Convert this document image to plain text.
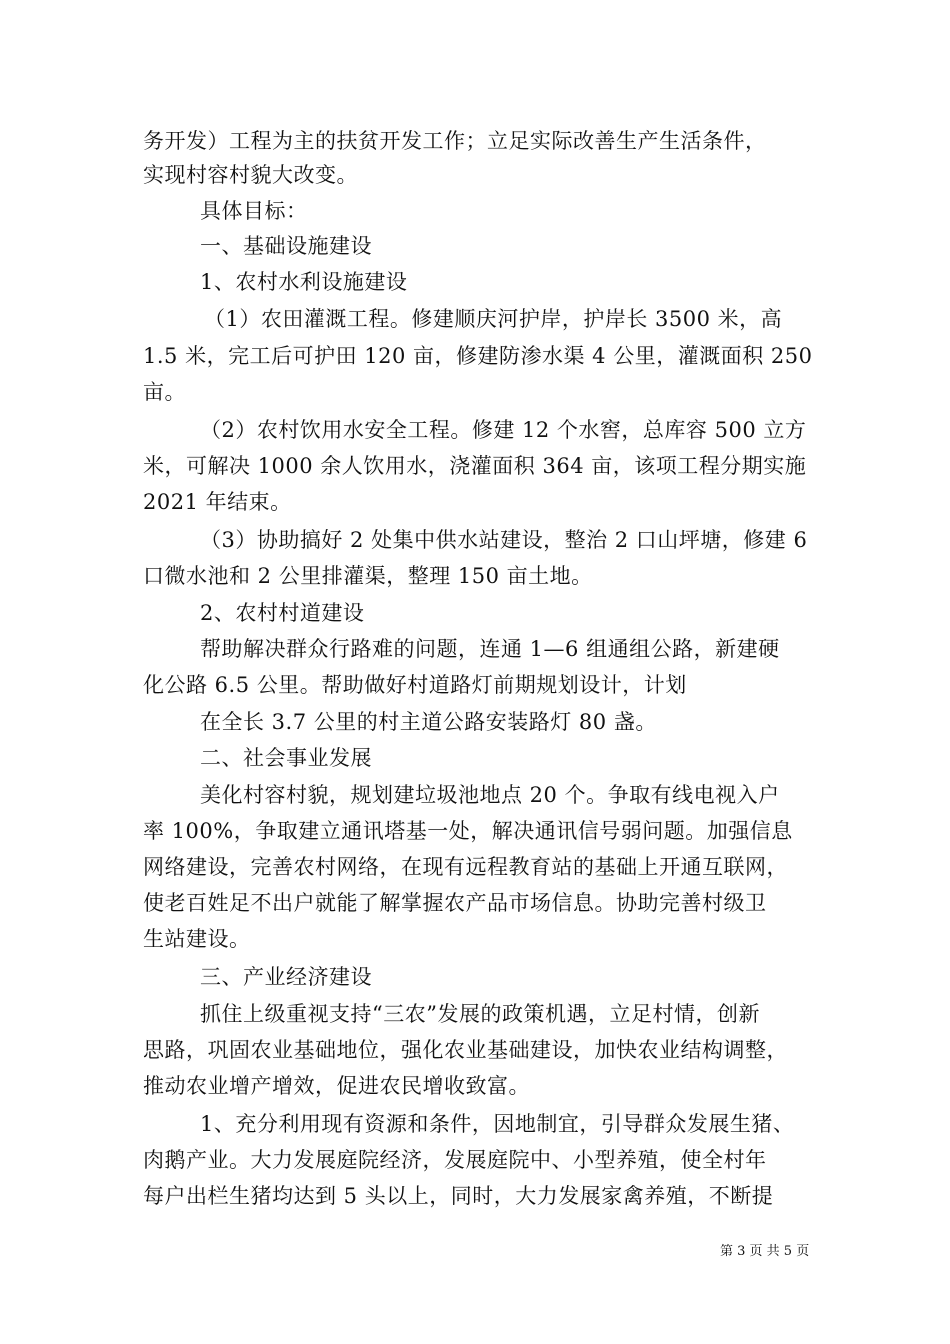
务开发）工程为主的扶贫开发工作；立足实际改善生产生活条件，
实现村容村貌大改变。
具体目标：
一、基础设施建设
1、农村水利设施建设
（1）农田灌溉工程。修建顺庆河护岸，护岸长 3500 米，高
1.5 米，完工后可护田 120 亩，修建防渗水渠 4 公里，灌溉面积 250
亩。
（2）农村饮用水安全工程。修建 12 个水窖，总库容 500 立方
米，可解决 1000 余人饮用水，浇灌面积 364 亩，该项工程分期实施
2021 年结束。
（3）协助搞好 2 处集中供水站建设，整治 2 口山坪塘，修建 6
口微水池和 2 公里排灌渠，整理 150 亩土地。
2、农村村道建设
帮助解决群众行路难的问题，连通 1—6 组通组公路，新建硬
化公路 6.5 公里。帮助做好村道路灯前期规划设计，计划
在全长 3.7 公里的村主道公路安装路灯 80 盏。
二、社会事业发展
美化村容村貌，规划建垃圾池地点 20 个。争取有线电视入户
率 100%，争取建立通讯塔基一处，解决通讯信号弱问题。加强信息
网络建设，完善农村网络，在现有远程教育站的基础上开通互联网，
使老百姓足不出户就能了解掌握农产品市场信息。协助完善村级卫
生站建设。
三、产业经济建设
抓住上级重视支持“三农”发展的政策机遇，立足村情，创新
思路，巩固农业基础地位，强化农业基础建设，加快农业结构调整，
推动农业增产增效，促进农民增收致富。
1、充分利用现有资源和条件，因地制宜，引导群众发展生猪、
肉鹅产业。大力发展庭院经济，发展庭院中、小型养殖，使全村年
每户出栏生猪均达到 5 头以上，同时，大力发展家禽养殖，不断提
第 3 页 共 5 页
